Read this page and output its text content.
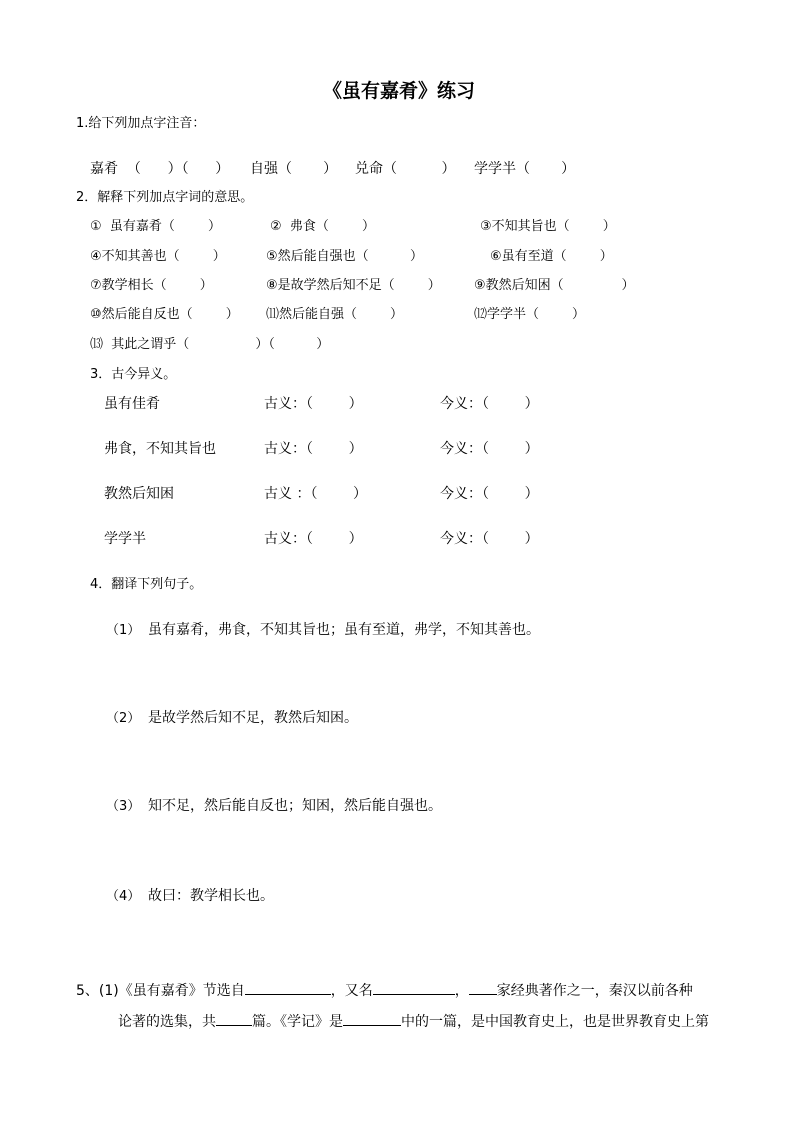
《虽有嘉肴》练习
1.给下列加点字注音：
嘉肴  （      ）（      ） 自强（       ） 兑命（          ） 学学半（       ）
2．解释下列加点字词的意思。
①  虽有嘉肴（        ）	②  弗食（        ）	③不知其旨也（        ）
④不知其善也（        ）	⑤然后能自强也（          ）	⑥虽有至道（        ）
⑦教学相长（        ）	⑧是故学然后知不足（        ）	⑨教然后知困（              ）
⑩然后能自反也（        ） ⑾然后能自强（        ）	⑿学学半（        ）
⒀  其此之谓乎（                ）（          ）
3．古今异义。
虽有佳肴	古义：（        ）	今义：（        ）
弗食，不知其旨也	古义：（        ）	今义：（        ）
教然后知困	古义 ：（        ）	今义：（        ）
学学半	古义：（        ）	今义：（        ）
4．翻译下列句子。
（1） 虽有嘉肴，弗食，不知其旨也；虽有至道，弗学，不知其善也。
（2） 是故学然后知不足，教然后知困。
（3） 知不足，然后能自反也；知困，然后能自强也。
（4） 故曰：教学相长也。
5、(1)《虽有嘉肴》节选自	，又名	， 家经典著作之一，秦汉以前各种
论著的选集，共	篇。《学记》是	中的一篇，是中国教育史上，也是世界教育史上第
